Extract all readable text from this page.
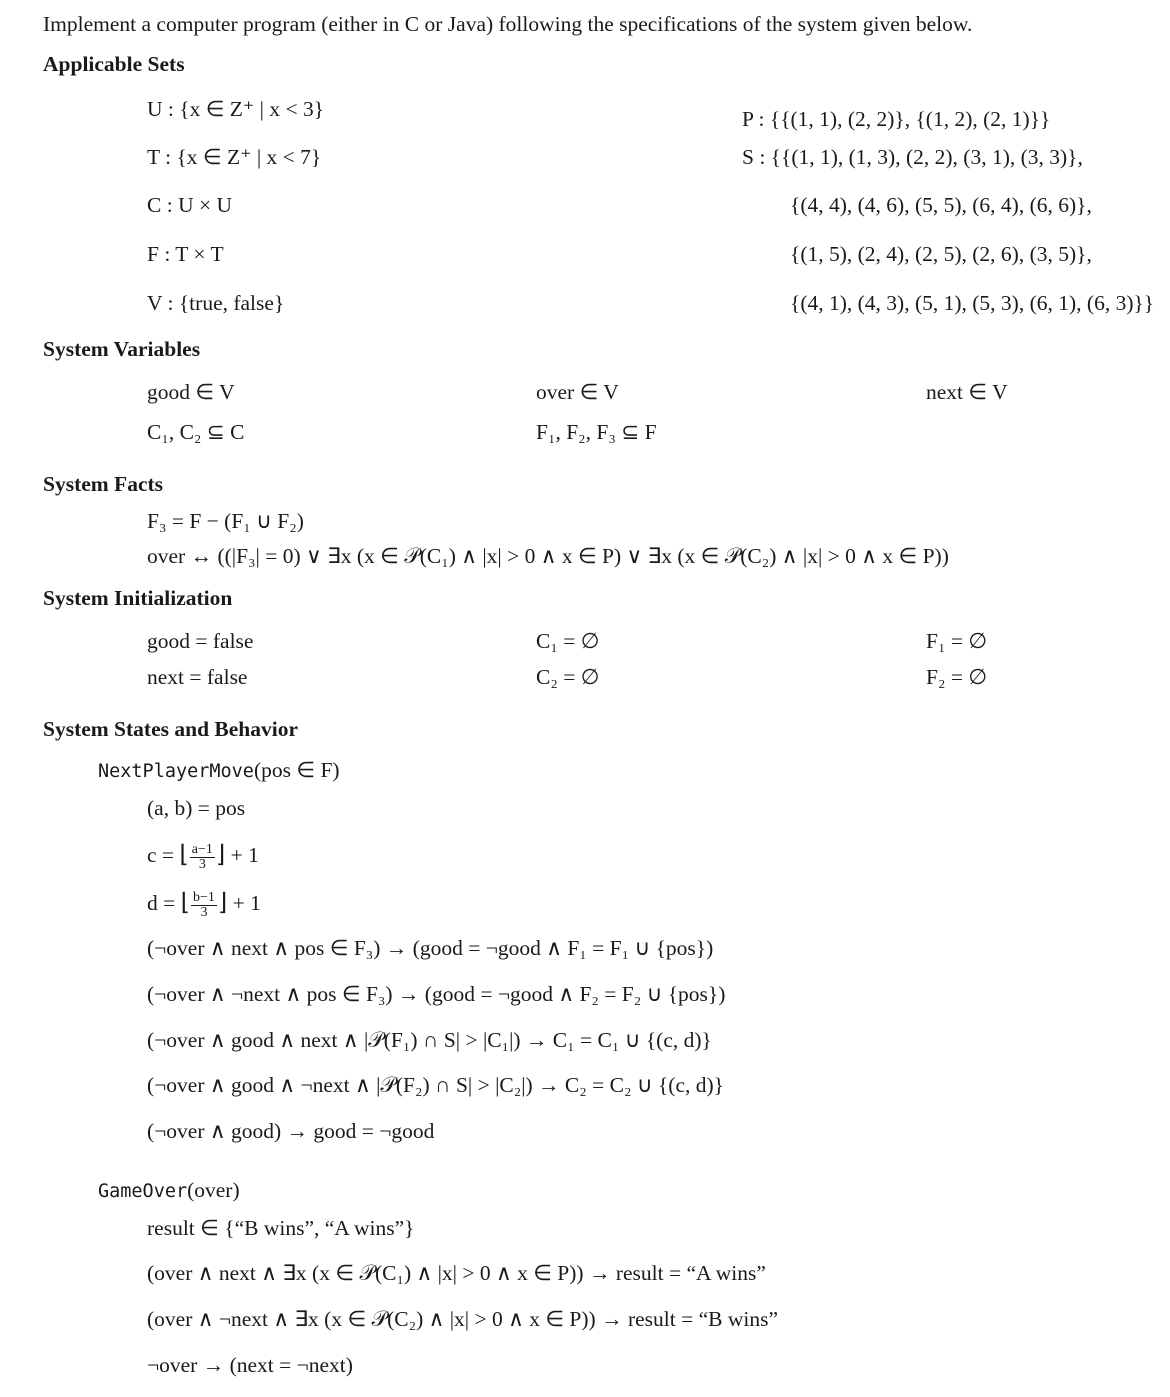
Implement a computer program (either in C or Java) following the specifications of the system given below.
Applicable Sets
U : {x ∈ Z⁺ | x < 3}
T : {x ∈ Z⁺ | x < 7}
C : U × U
F : T × T
V : {true, false}
P : {{(1, 1), (2, 2)}, {(1, 2), (2, 1)}}
S : {{(1, 1), (1, 3), (2, 2), (3, 1), (3, 3)},
{(4, 4), (4, 6), (5, 5), (6, 4), (6, 6)},
{(1, 5), (2, 4), (2, 5), (2, 6), (3, 5)},
{(4, 1), (4, 3), (5, 1), (5, 3), (6, 1), (6, 3)}}
System Variables
good ∈ V	over ∈ V	next ∈ V
C₁, C₂ ⊆ C	F₁, F₂, F₃ ⊆ F
System Facts
F₃ = F − (F₁ ∪ F₂)
over ↔ ((|F₃| = 0) ∨ ∃x (x ∈ 𝒫(C₁) ∧ |x| > 0 ∧ x ∈ P) ∨ ∃x (x ∈ 𝒫(C₂) ∧ |x| > 0 ∧ x ∈ P))
System Initialization
good = false	C₁ = ∅	F₁ = ∅
next = false	C₂ = ∅	F₂ = ∅
System States and Behavior
NextPlayerMove(pos ∈ F)
(a, b) = pos
c = ⌊ $\frac{a-1}{3}$ ⌋ + 1
d = ⌊ $\frac{b-1}{3}$ ⌋ + 1
(¬over ∧ next ∧ pos ∈ F₃) → (good = ¬good ∧ F₁ = F₁ ∪ {pos})
(¬over ∧ ¬next ∧ pos ∈ F₃) → (good = ¬good ∧ F₂ = F₂ ∪ {pos})
(¬over ∧ good ∧ next ∧ |𝒫(F₁) ∩ S| > |C₁|) → C₁ = C₁ ∪ {(c, d)}
(¬over ∧ good ∧ ¬next ∧ |𝒫(F₂) ∩ S| > |C₂|) → C₂ = C₂ ∪ {(c, d)}
(¬over ∧ good) → good = ¬good
GameOver(over)
result ∈ {“B wins”, “A wins”}
(over ∧ next ∧ ∃x (x ∈ 𝒫(C₁) ∧ |x| > 0 ∧ x ∈ P)) → result = “A wins”
(over ∧ ¬next ∧ ∃x (x ∈ 𝒫(C₂) ∧ |x| > 0 ∧ x ∈ P)) → result = “B wins”
¬over → (next = ¬next)
